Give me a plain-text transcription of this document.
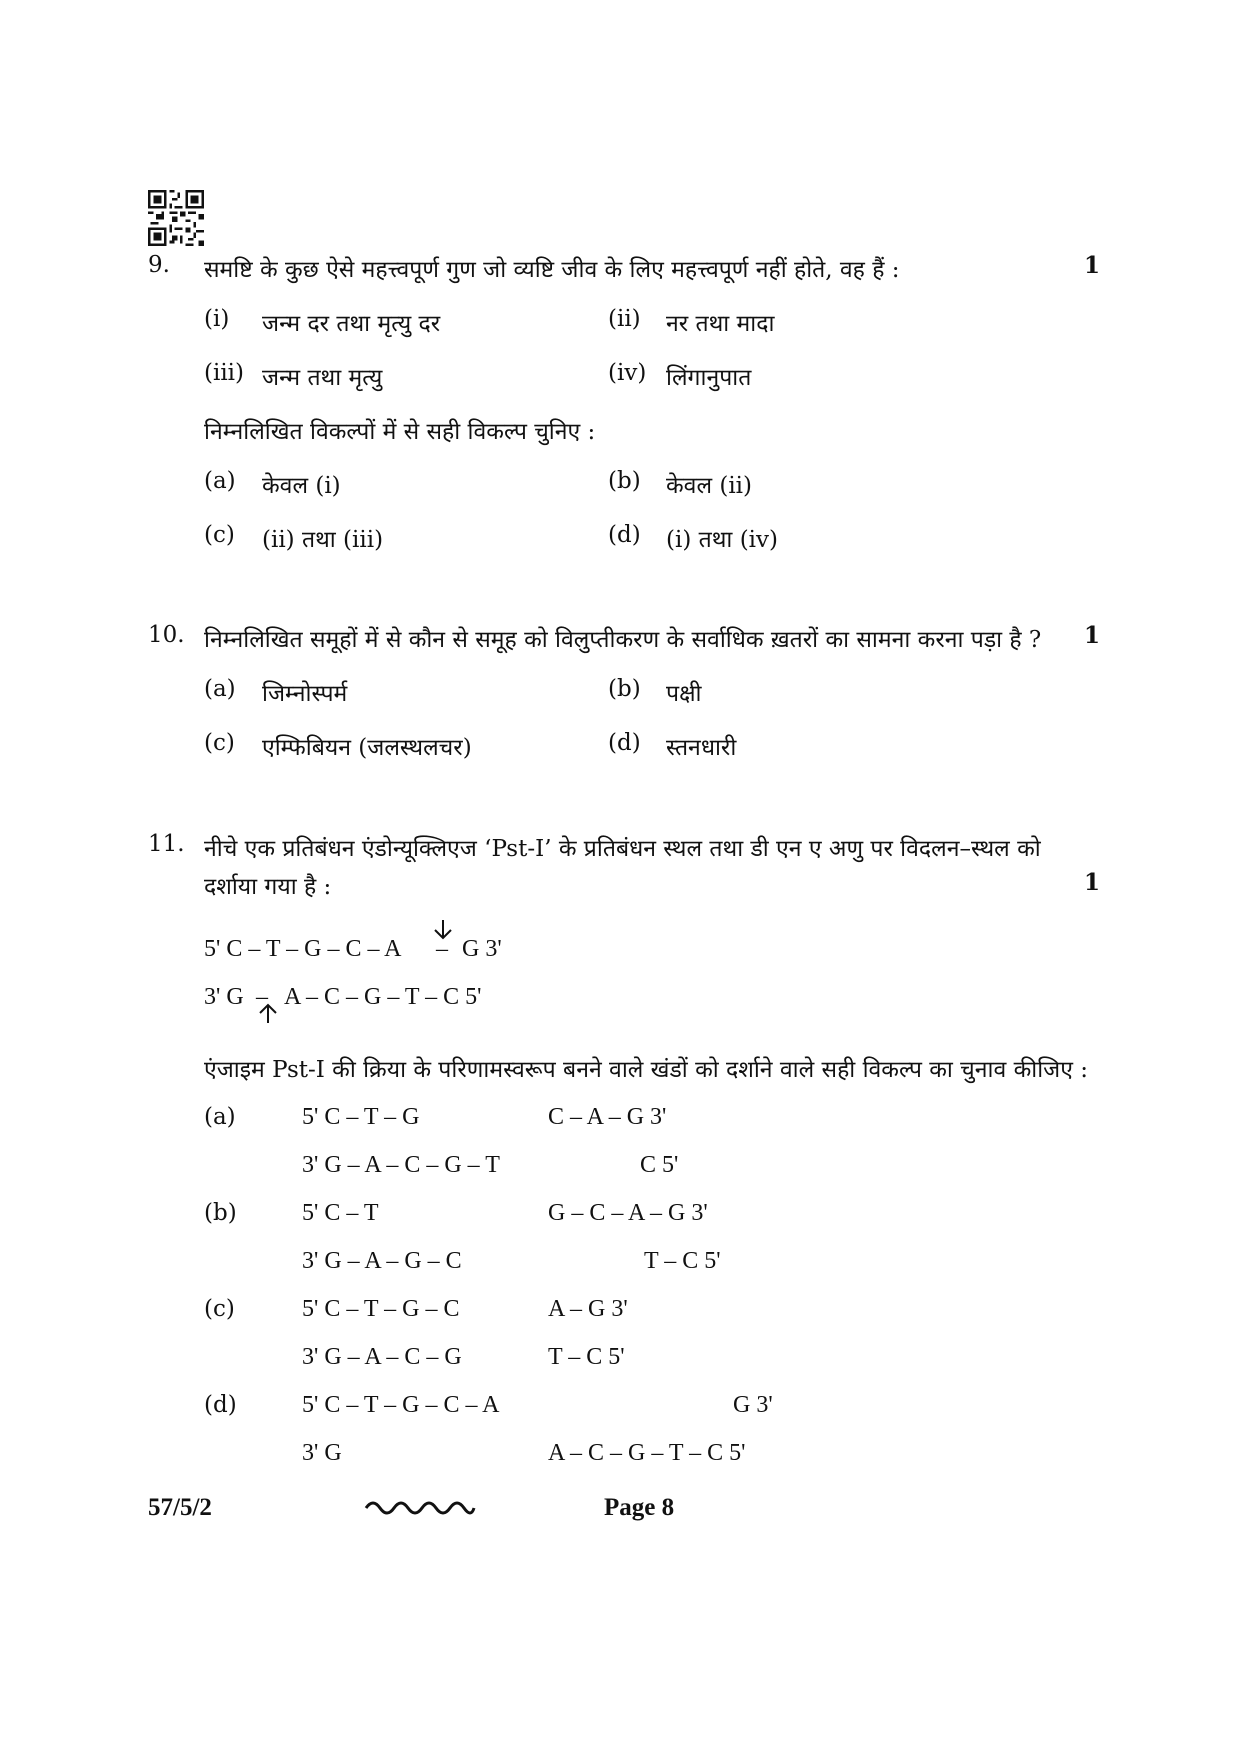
9. समष्टि के कुछ ऐसे महत्त्वपूर्ण गुण जो व्यष्टि जीव के लिए महत्त्वपूर्ण नहीं होते, वह हैं :	1
(i) जन्म दर तथा मृत्यु दर	(ii) नर तथा मादा
(iii) जन्म तथा मृत्यु	(iv) लिंगानुपात
निम्नलिखित विकल्पों में से सही विकल्प चुनिए :
(a) केवल (i)	(b) केवल (ii)
(c) (ii) तथा (iii)	(d) (i) तथा (iv)
10. निम्नलिखित समूहों में से कौन से समूह को विलुप्तीकरण के सर्वाधिक ख़तरों का सामना करना पड़ा है ? 1
(a) जिम्नोस्पर्म	(b) पक्षी
(c) एम्फिबियन (जलस्थलचर)	(d) स्तनधारी
11. नीचे एक प्रतिबंधन एंडोन्यूक्लिएज ‘Pst-I’ के प्रतिबंधन स्थल तथा डी एन ए अणु पर विदलन–स्थल को
दर्शाया गया है :	1
5' C – T – G – C – A – G 3'
3' G – A – C – G – T – C 5'
एंजाइम Pst-I की क्रिया के परिणामस्वरूप बनने वाले खंडों को दर्शाने वाले सही विकल्प का चुनाव कीजिए :
(a)	5' C – T – G	C – A – G 3'
3' G – A – C – G – T	C 5'
(b)	5' C – T	G – C – A – G 3'
3' G – A – G – C	T – C 5'
(c)	5' C – T – G – C	A – G 3'
3' G – A – C – G	T – C 5'
(d)	5' C – T – G – C – A	G 3'
3' G	A – C – G – T – C 5'
57/5/2	Page 8
